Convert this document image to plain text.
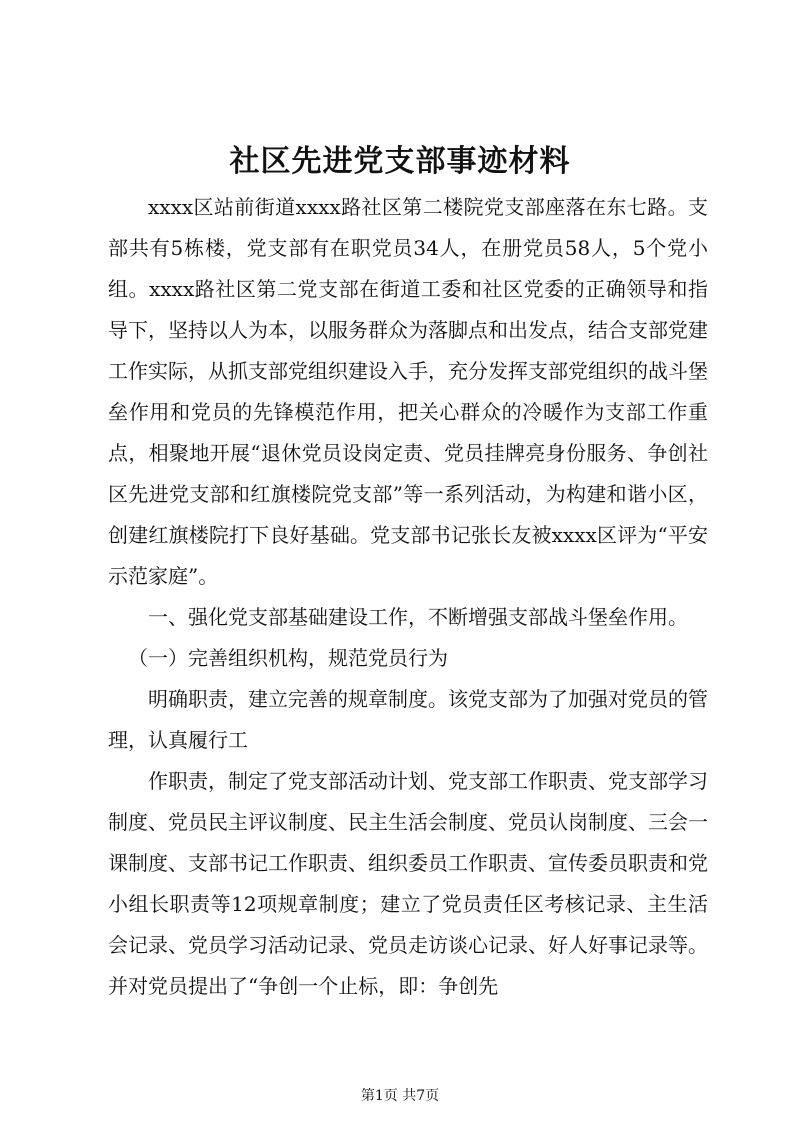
社区先进党支部事迹材料

xxxx区站前街道xxxx路社区第二楼院党支部座落在东七路。支部共有5栋楼，党支部有在职党员34人，在册党员58人，5个党小组。xxxx路社区第二党支部在街道工委和社区党委的正确领导和指导下，坚持以人为本，以服务群众为落脚点和出发点，结合支部党建工作实际，从抓支部党组织建设入手，充分发挥支部党组织的战斗堡垒作用和党员的先锋模范作用，把关心群众的冷暖作为支部工作重点，相聚地开展“退休党员设岗定责、党员挂牌亮身份服务、争创社区先进党支部和红旗楼院党支部”等一系列活动，为构建和谐小区，创建红旗楼院打下良好基础。党支部书记张长友被xxxx区评为“平安示范家庭”。

一、强化党支部基础建设工作，不断增强支部战斗堡垒作用。

（一）完善组织机构，规范党员行为

明确职责，建立完善的规章制度。该党支部为了加强对党员的管理，认真履行工

作职责，制定了党支部活动计划、党支部工作职责、党支部学习制度、党员民主评议制度、民主生活会制度、党员认岗制度、三会一课制度、支部书记工作职责、组织委员工作职责、宣传委员职责和党小组长职责等12项规章制度；建立了党员责任区考核记录、主生活会记录、党员学习活动记录、党员走访谈心记录、好人好事记录等。并对党员提出了“争创一个止标，即：争创先

第1页 共7页
